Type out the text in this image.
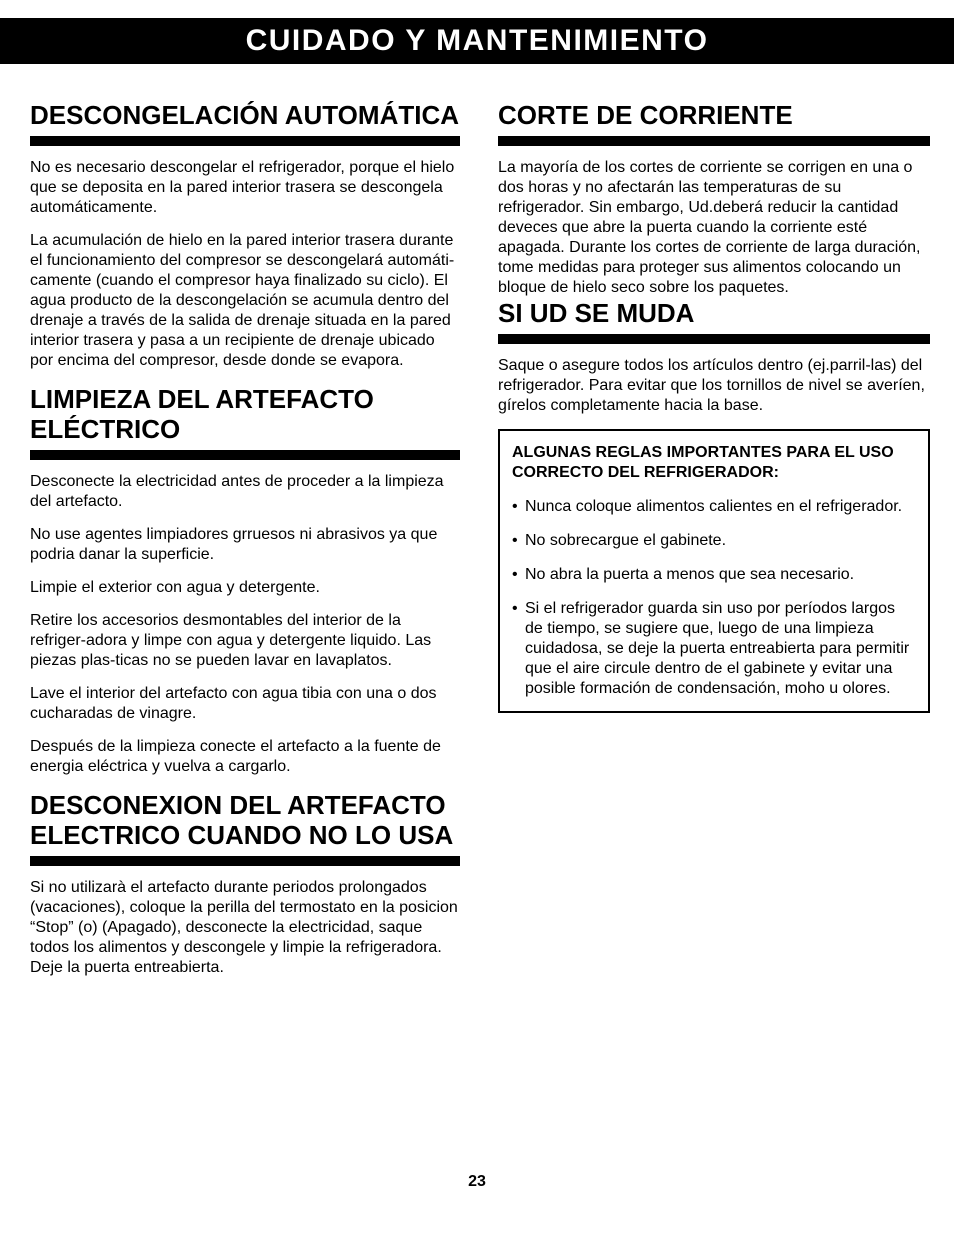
CUIDADO Y MANTENIMIENTO
DESCONGELACIÓN AUTOMÁTICA

No es necesario descongelar el refrigerador, porque el hielo que se deposita en la pared interior trasera se descongela automáticamente.

La acumulación de hielo en la pared interior trasera durante el funcionamiento del compresor se descongelará automáti-camente (cuando el compresor haya finalizado su ciclo). El agua producto de la descongelación se acumula dentro del drenaje a través de la salida de drenaje situada en la pared interior trasera y pasa a un recipiente de drenaje ubicado por encima del compresor, desde donde se evapora.

LIMPIEZA DEL ARTEFACTO ELÉCTRICO

Desconecte la electricidad antes de proceder a la limpieza del artefacto.

No use agentes limpiadores grruesos ni abrasivos ya que podria danar la superficie.

Limpie el exterior con agua y detergente.

Retire los accesorios desmontables del interior de la refriger-adora y limpe con agua y detergente liquido. Las piezas plas-ticas no se pueden lavar en lavaplatos.

Lave el interior del artefacto con agua tibia con una o dos cucharadas de vinagre.

Después de la limpieza conecte el artefacto a la fuente de energia eléctrica y vuelva a cargarlo.

DESCONEXION DEL ARTEFACTO ELECTRICO CUANDO NO LO USA

Si no utilizarà el artefacto durante periodos prolongados (vacaciones), coloque la perilla del termostato en la posicion “Stop” (o) (Apagado), desconecte la electricidad, saque todos los alimentos y descongele y limpie la refrigeradora. Deje la puerta entreabierta.

CORTE DE CORRIENTE

La mayoría de los cortes de corriente se corrigen en una o dos horas y no afectarán las temperaturas de su refrigerador. Sin embargo, Ud.deberá reducir la cantidad deveces que abre la puerta cuando la corriente esté apagada. Durante los cortes de corriente de larga duración, tome medidas para proteger sus alimentos colocando un bloque de hielo seco sobre los paquetes.

SI UD SE MUDA

Saque o asegure todos los artículos dentro (ej.parril-las) del refrigerador. Para evitar que los tornillos de nivel se averíen, gírelos completamente hacia la base.

ALGUNAS REGLAS IMPORTANTES PARA EL USO CORRECTO DEL REFRIGERADOR:

• Nunca coloque alimentos calientes en el refrigerador.

• No sobrecargue el gabinete.

• No abra la puerta a menos que sea necesario.

• Si el refrigerador guarda sin uso por períodos largos de tiempo, se sugiere que, luego de una limpieza cuidadosa, se deje la puerta entreabierta para permitir que el aire circule dentro de el gabinete y evitar una posible formación de condensación, moho u olores.

23
